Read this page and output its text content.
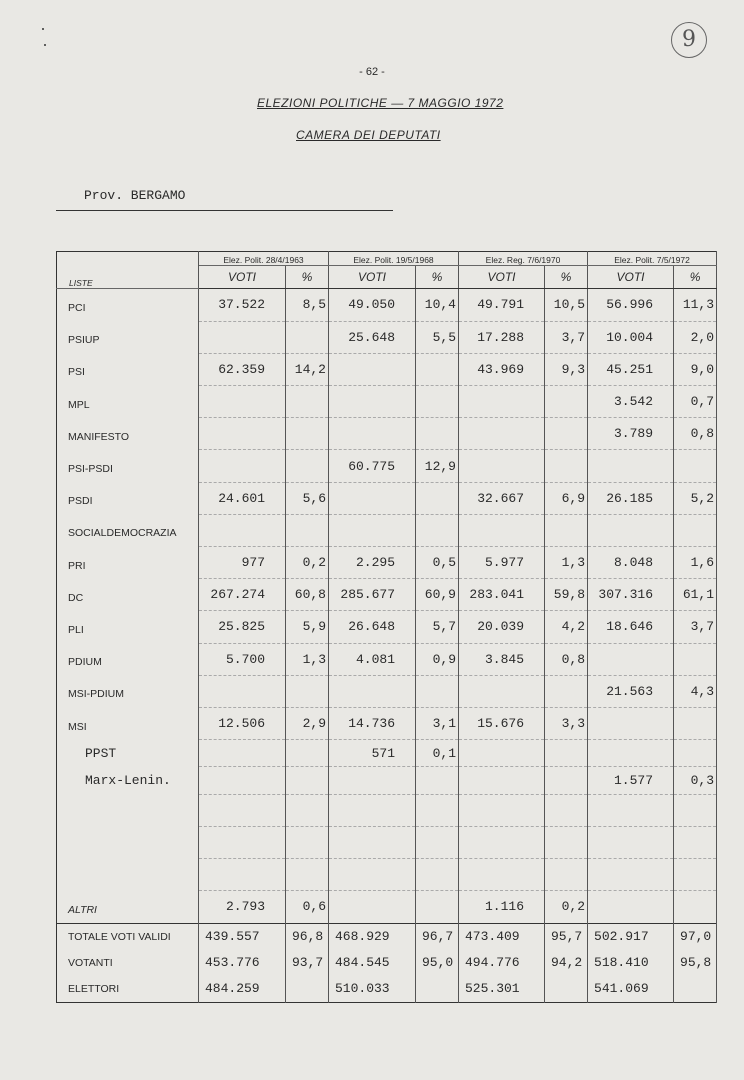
- 62 -
9
ELEZIONI POLITICHE — 7 MAGGIO 1972
CAMERA DEI DEPUTATI
Prov. BERGAMO
LISTE	Elez. Polit. 28/4/1963		Elez. Polit. 19/5/1968		Elez. Reg. 7/6/1970		Elez. Polit. 7/5/1972	
	VOTI	%	VOTI	%	VOTI	%	VOTI	%
PCI	37.522	8,5	49.050	10,4	49.791	10,5	56.996	11,3
PSIUP			25.648	5,5	17.288	3,7	10.004	2,0
PSI	62.359	14,2			43.969	9,3	45.251	9,0
MPL							3.542	0,7
MANIFESTO							3.789	0,8
PSI-PSDI			60.775	12,9				
PSDI	24.601	5,6			32.667	6,9	26.185	5,2
SOCIALDEMOCRAZIA								
PRI	977	0,2	2.295	0,5	5.977	1,3	8.048	1,6
DC	267.274	60,8	285.677	60,9	283.041	59,8	307.316	61,1
PLI	25.825	5,9	26.648	5,7	20.039	4,2	18.646	3,7
PDIUM	5.700	1,3	4.081	0,9	3.845	0,8		
MSI-PDIUM							21.563	4,3
MSI	12.506	2,9	14.736	3,1	15.676	3,3		
PPST			571	0,1				
Marx-Lenin.							1.577	0,3

ALTRI	2.793	0,6			1.116	0,2		
TOTALE VOTI VALIDI	439.557	96,8	468.929	96,7	473.409	95,7	502.917	97,0
VOTANTI	453.776	93,7	484.545	95,0	494.776	94,2	518.410	95,8
ELETTORI	484.259		510.033		525.301		541.069	
